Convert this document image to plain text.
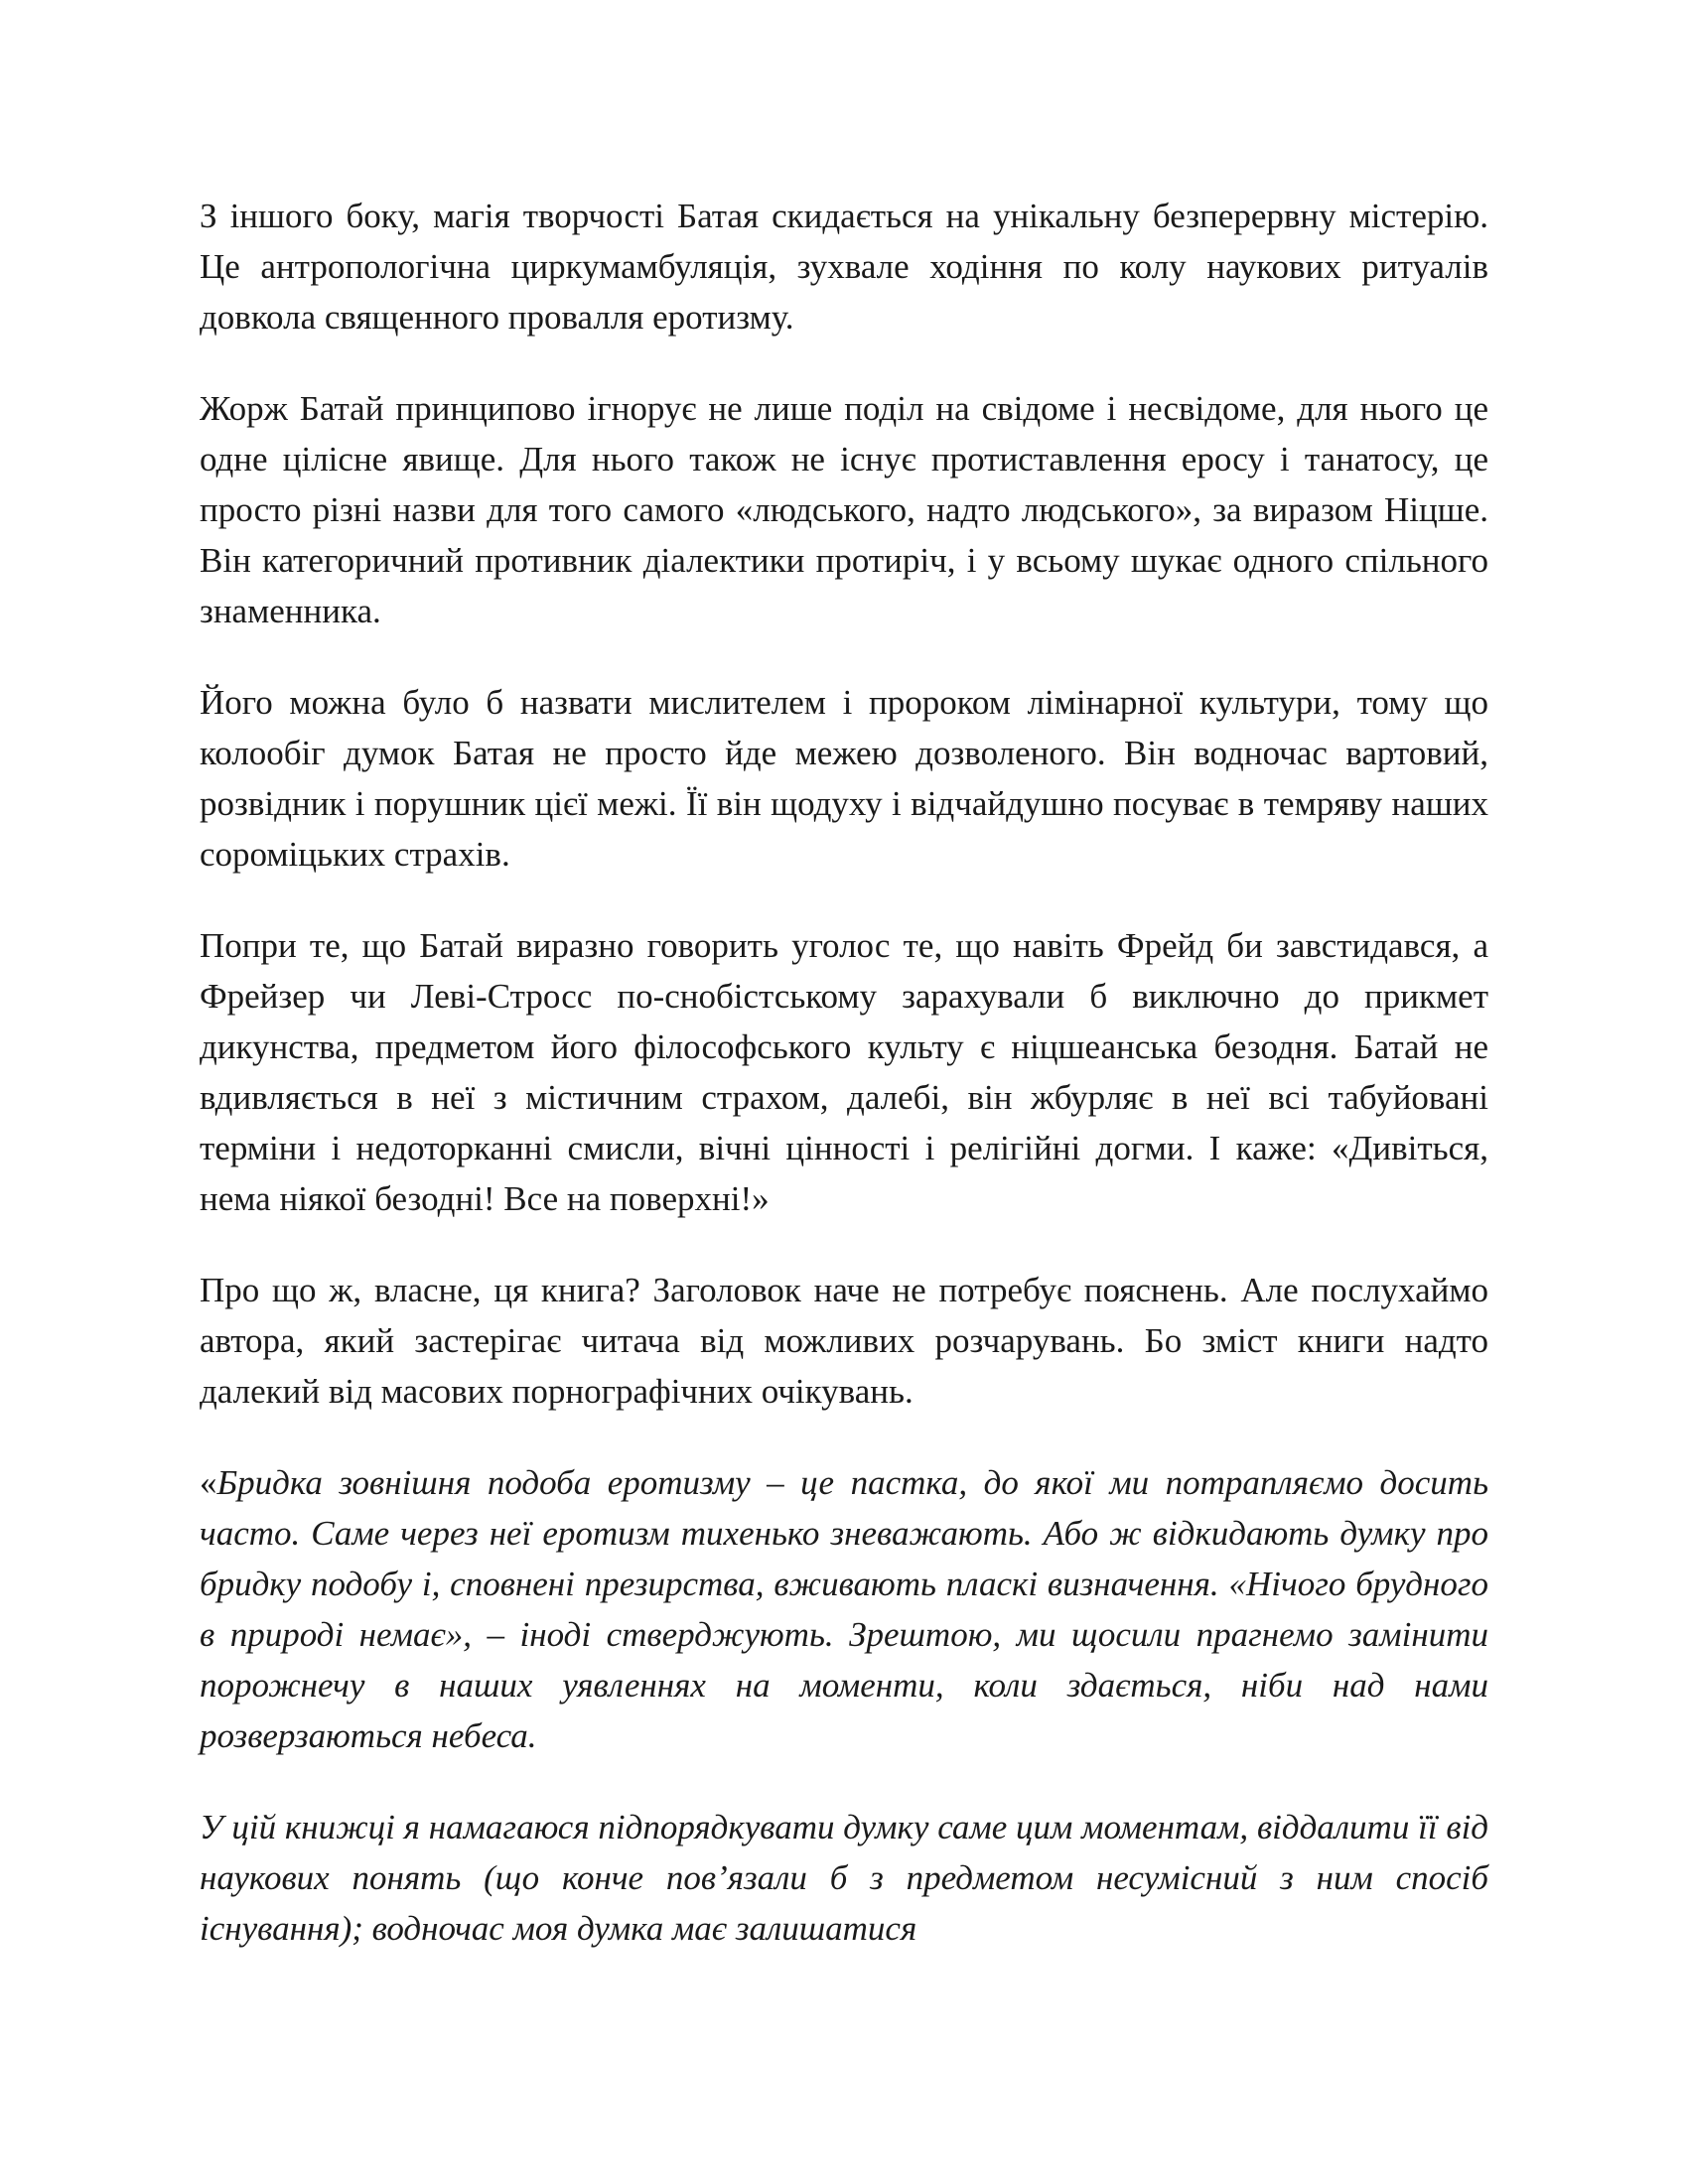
З іншого боку, магія творчості Батая скидається на унікальну безперервну містерію. Це антропологічна циркумамбуляція, зухвале ходіння по колу наукових ритуалів довкола священного провалля еротизму.

Жорж Батай принципово ігнорує не лише поділ на свідоме і несвідоме, для нього це одне цілісне явище. Для нього також не існує протиставлення еросу і танатосу, це просто різні назви для того самого «людського, надто людського», за виразом Ніцше. Він категоричний противник діалектики протиріч, і у всьому шукає одного спільного знаменника.

Його можна було б назвати мислителем і пророком лімінарної культури, тому що колообіг думок Батая не просто йде межею дозволеного. Він водночас вартовий, розвідник і порушник цієї межі. Її він щодуху і відчайдушно посуває в темряву наших сороміцьких страхів.

Попри те, що Батай виразно говорить уголос те, що навіть Фрейд би завстидався, а Фрейзер чи Леві-Стросс по-снобістському зарахували б виключно до прикмет дикунства, предметом його філософського культу є ніцшеанська безодня. Батай не вдивляється в неї з містичним страхом, далебі, він жбурляє в неї всі табуйовані терміни і недоторканні смисли, вічні цінності і релігійні догми. І каже: «Дивіться, нема ніякої безодні! Все на поверхні!»

Про що ж, власне, ця книга? Заголовок наче не потребує пояснень. Але послухаймо автора, який застерігає читача від можливих розчарувань. Бо зміст книги надто далекий від масових порнографічних очікувань.

«Бридка зовнішня подоба еротизму – це пастка, до якої ми потрапляємо досить часто. Саме через неї еротизм тихенько зневажають. Або ж відкидають думку про бридку подобу і, сповнені презирства, вживають пласкі визначення. «Нічого брудного в природі немає», – іноді стверджують. Зрештою, ми щосили прагнемо замінити порожнечу в наших уявленнях на моменти, коли здається, ніби над нами розверзаються небеса.

У цій книжці я намагаюся підпорядкувати думку саме цим моментам, віддалити її від наукових понять (що конче пов’язали б з предметом несумісний з ним спосіб існування); водночас моя думка має залишатися
